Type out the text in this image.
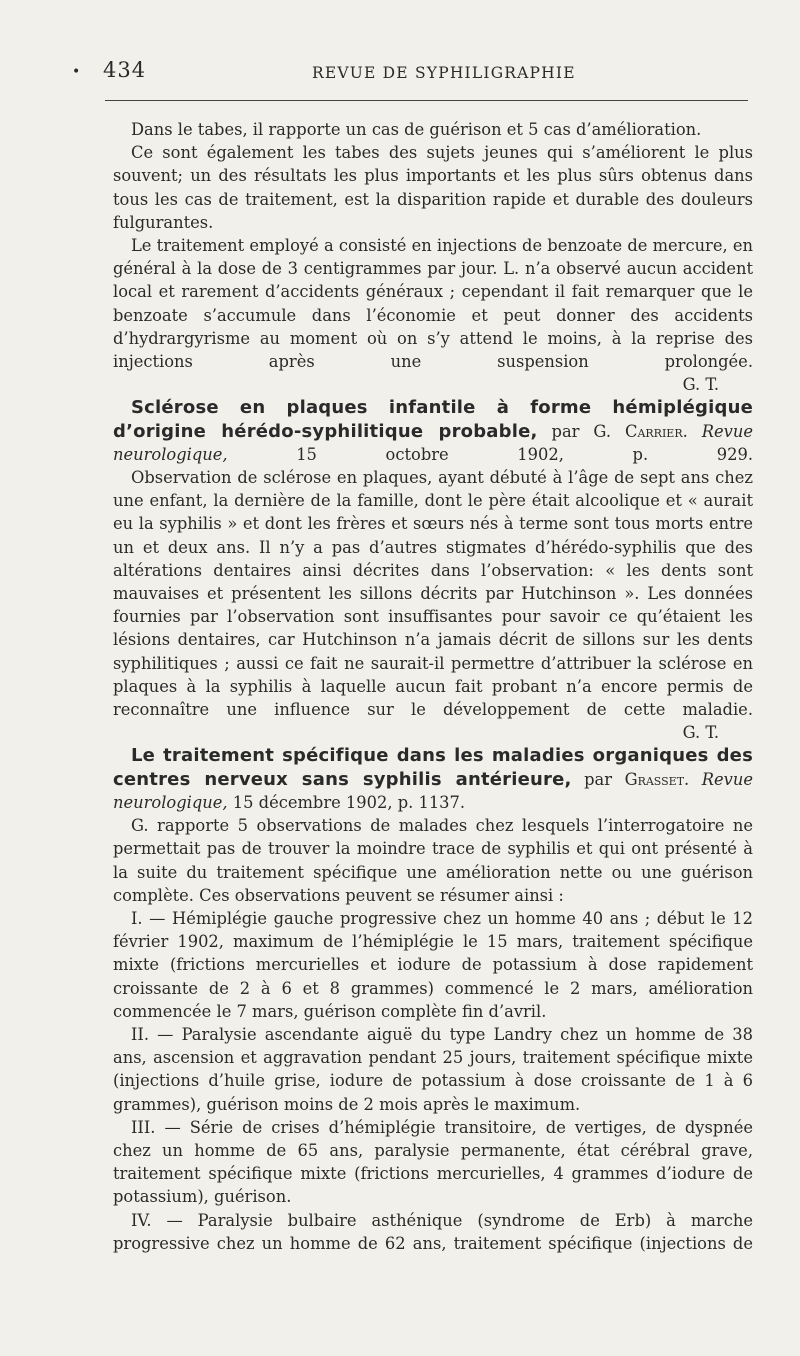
• 434	REVUE DE SYPHILIGRAPHIE

Dans le tabes, il rapporte un cas de guérison et 5 cas d’amélioration.

Ce sont également les tabes des sujets jeunes qui s’améliorent le plus souvent; un des résultats les plus importants et les plus sûrs obtenus dans tous les cas de traitement, est la disparition rapide et durable des douleurs fulgurantes.

Le traitement employé a consisté en injections de benzoate de mercure, en général à la dose de 3 centigrammes par jour. L. n’a observé aucun accident local et rarement d’accidents généraux ; cependant il fait remarquer que le benzoate s’accumule dans l’économie et peut donner des accidents d’hydrargyrisme au moment où on s’y attend le moins, à la reprise des injections après une suspension prolongée.

G. T.

Sclérose en plaques infantile à forme hémiplégique d’origine hérédo-syphilitique probable, par G. Carrier. Revue neurologique,	15 octobre 1902, p. 929.

Observation de sclérose en plaques, ayant débuté à l’âge de sept ans chez une enfant, la dernière de la famille, dont le père était alcoolique et « aurait eu la syphilis » et dont les frères et sœurs nés à terme sont tous morts entre un et deux ans. Il n’y a pas d’autres stigmates d’hérédo-syphilis que des altérations dentaires ainsi décrites dans l’observation: « les dents sont mauvaises et présentent les sillons décrits par Hutchinson ». Les données fournies par l’observation sont insuffisantes pour savoir ce qu’étaient les lésions dentaires, car Hutchinson n’a jamais décrit de sillons sur les dents syphilitiques ; aussi ce fait ne saurait-il permettre d’attribuer la sclérose en plaques à la syphilis à laquelle aucun fait probant n’a encore permis de reconnaître une influence sur le développement de cette maladie.

G. T.

Le traitement spécifique dans les maladies organiques des centres nerveux sans syphilis antérieure, par Grasset. Revue neurologique, 15 décembre 1902, p. 1137.

G. rapporte 5 observations de malades chez lesquels l’interrogatoire ne permettait pas de trouver la moindre trace de syphilis et qui ont présenté à la suite du traitement spécifique une amélioration nette ou une guérison complète. Ces observations peuvent se résumer ainsi :

I. — Hémiplégie gauche progressive chez un homme 40 ans ; début le 12 février 1902, maximum de l’hémiplégie le 15 mars, traitement spécifique mixte (frictions mercurielles et iodure de potassium à dose rapidement croissante de 2 à 6 et 8 grammes) commencé le 2 mars, amélioration commencée le 7 mars, guérison complète fin d’avril.

II. — Paralysie ascendante aiguë du type Landry chez un homme de 38 ans, ascension et aggravation pendant 25 jours, traitement spécifique mixte (injections d’huile grise, iodure de potassium à dose croissante de 1 à 6 grammes), guérison moins de 2 mois après le maximum.

III. — Série de crises d’hémiplégie transitoire, de vertiges, de dyspnée chez un homme de 65 ans, paralysie permanente, état cérébral grave, traitement spécifique mixte (frictions mercurielles, 4 grammes d’iodure de potassium), guérison.

IV. — Paralysie bulbaire asthénique (syndrome de Erb) à marche progressive chez un homme de 62 ans, traitement spécifique (injections de
